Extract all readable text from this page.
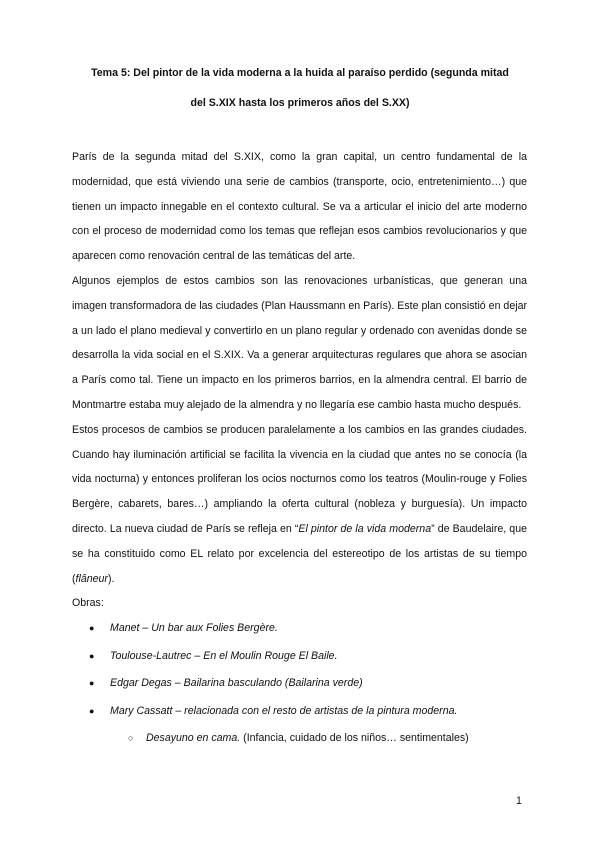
Tema 5: Del pintor de la vida moderna a la huida al paraíso perdido (segunda mitad

del S.XIX hasta los primeros años del S.XX)

París de la segunda mitad del S.XIX, como la gran capital, un centro fundamental de la modernidad, que está viviendo una serie de cambios (transporte, ocio, entretenimiento…) que tienen un impacto innegable en el contexto cultural. Se va a articular el inicio del arte moderno con el proceso de modernidad como los temas que reflejan esos cambios revolucionarios y que aparecen como renovación central de las temáticas del arte.

Algunos ejemplos de estos cambios son las renovaciones urbanísticas, que generan una imagen transformadora de las ciudades (Plan Haussmann en París). Este plan consistió en dejar a un lado el plano medieval y convertirlo en un plano regular y ordenado con avenidas donde se desarrolla la vida social en el S.XIX. Va a generar arquitecturas regulares que ahora se asocian a París como tal. Tiene un impacto en los primeros barrios, en la almendra central. El barrio de Montmartre estaba muy alejado de la almendra y no llegaría ese cambio hasta mucho después.

Estos procesos de cambios se producen paralelamente a los cambios en las grandes ciudades. Cuando hay iluminación artificial se facilita la vivencia en la ciudad que antes no se conocía (la vida nocturna) y entonces proliferan los ocios nocturnos como los teatros (Moulin-rouge y Folies Bergère, cabarets, bares…) ampliando la oferta cultural (nobleza y burguesía). Un impacto directo. La nueva ciudad de París se refleja en “El pintor de la vida moderna” de Baudelaire, que se ha constituido como EL relato por excelencia del estereotipo de los artistas de su tiempo (flâneur).

Obras:

● Manet – Un bar aux Folies Bergère.
● Toulouse-Lautrec – En el Moulin Rouge El Baile.
● Edgar Degas – Bailarina basculando (Bailarina verde)
● Mary Cassatt – relacionada con el resto de artistas de la pintura moderna.
○ Desayuno en cama. (Infancia, cuidado de los niños… sentimentales)
1
